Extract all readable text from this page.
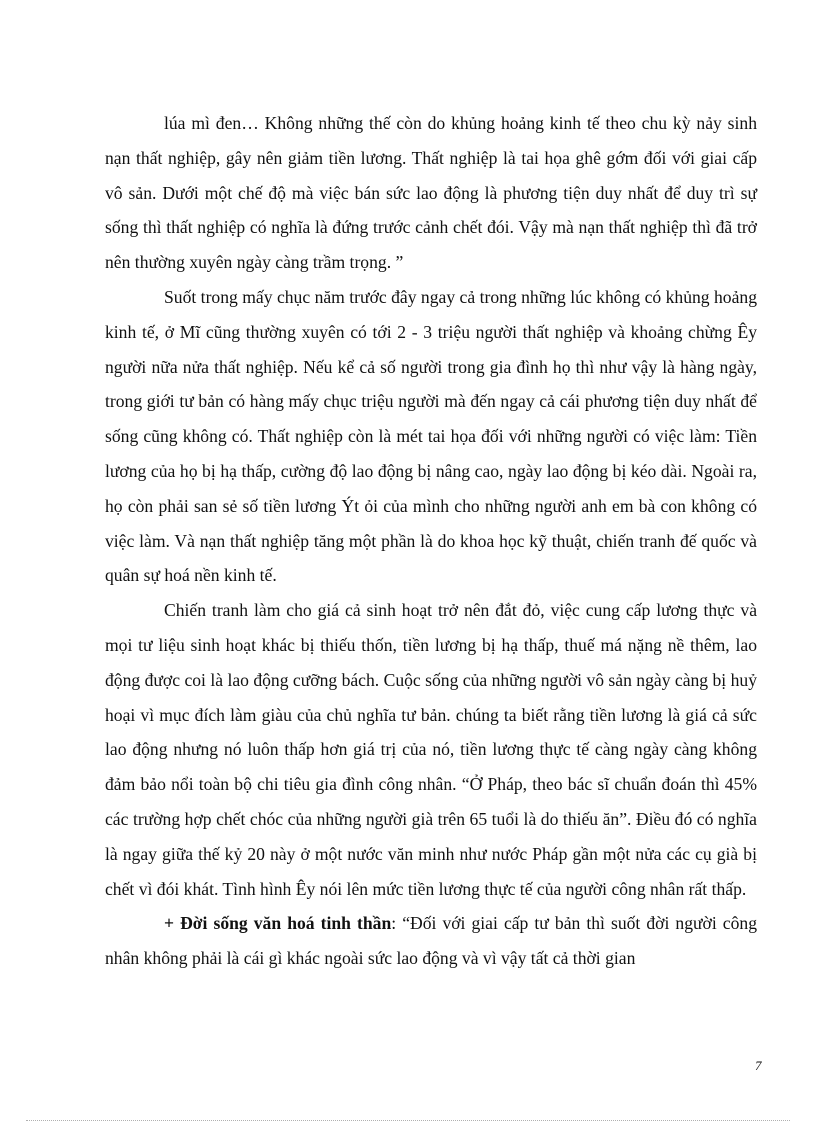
lúa mì đen… Không những thế còn do khủng hoảng kinh tế theo chu kỳ nảy sinh nạn thất nghiệp, gây nên giảm tiền lương. Thất nghiệp là tai họa ghê gớm đối với giai cấp vô sản. Dưới một chế độ mà việc bán sức lao động là phương tiện duy nhất để duy trì sự sống thì thất nghiệp có nghĩa là đứng trước cảnh chết đói. Vậy mà nạn thất nghiệp thì đã trở nên thường xuyên ngày càng trầm trọng. ”

Suốt trong mấy chục năm trước đây ngay cả trong những lúc không có khủng hoảng kinh tế, ở Mĩ cũng thường xuyên có tới 2 - 3 triệu người thất nghiệp và khoảng chừng Êy người nữa nửa thất nghiệp. Nếu kể cả số người trong gia đình họ thì như vậy là hàng ngày, trong giới tư bản có hàng mấy chục triệu người mà đến ngay cả cái phương tiện duy nhất để sống cũng không có. Thất nghiệp còn là mét tai họa đối với những người có việc làm: Tiền lương của họ bị hạ thấp, cường độ lao động bị nâng cao, ngày lao động bị kéo dài. Ngoài ra, họ còn phải san sẻ số tiền lương Ýt ỏi của mình cho những người anh em bà con không có việc làm. Và nạn thất nghiệp tăng một phần là do khoa học kỹ thuật, chiến tranh đế quốc và quân sự hoá nền kinh tế.

Chiến tranh làm cho giá cả sinh hoạt trở nên đắt đỏ, việc cung cấp lương thực và mọi tư liệu sinh hoạt khác bị thiếu thốn, tiền lương bị hạ thấp, thuế má nặng nề thêm, lao động được coi là lao động cưỡng bách. Cuộc sống của những người vô sản ngày càng bị huỷ hoại vì mục đích làm giàu của chủ nghĩa tư bản. chúng ta biết rằng tiền lương là giá cả sức lao động nhưng nó luôn thấp hơn giá trị của nó, tiền lương thực tế càng ngày càng không đảm bảo nổi toàn bộ chi tiêu gia đình công nhân. “Ở Pháp, theo bác sĩ chuẩn đoán thì 45% các trường hợp chết chóc của những người già trên 65 tuổi là do thiếu ăn”. Điều đó có nghĩa là ngay giữa thế kỷ 20 này ở một nước văn minh như nước Pháp gần một nửa các cụ già bị chết vì đói khát. Tình hình Êy nói lên mức tiền lương thực tế của người công nhân rất thấp.

+ Đời sống văn hoá tinh thần: “Đối với giai cấp tư bản thì suốt đời người công nhân không phải là cái gì khác ngoài sức lao động và vì vậy tất cả thời gian

7
